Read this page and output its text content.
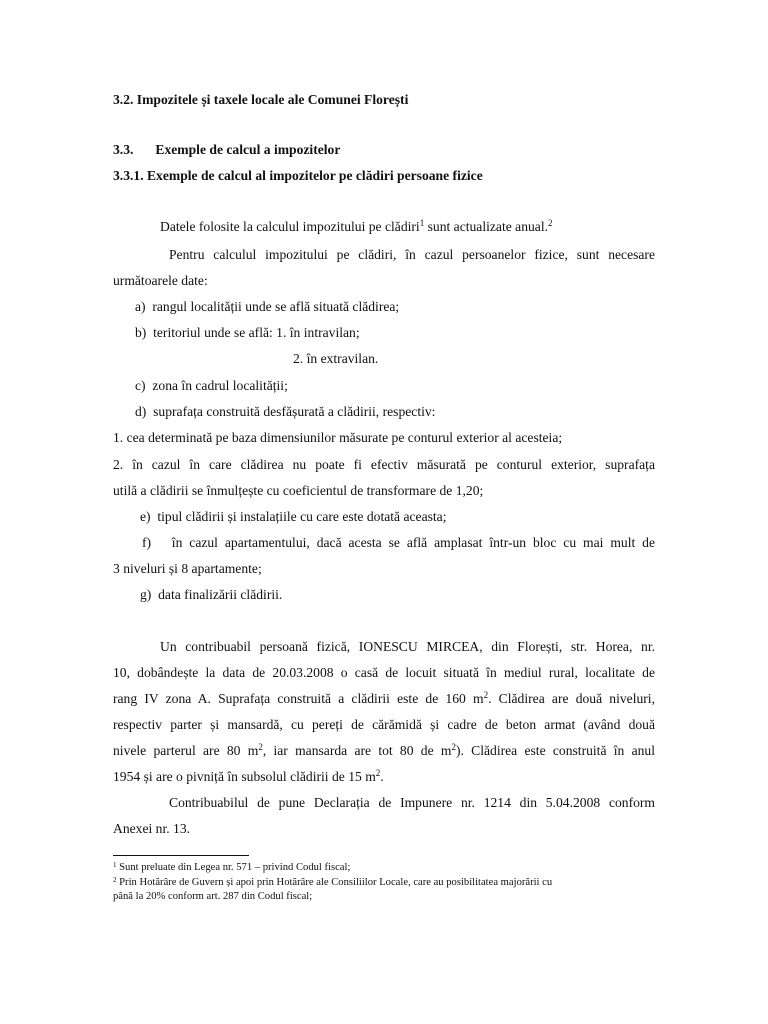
3.2. Impozitele și taxele locale ale Comunei Florești
3.3. Exemple de calcul a impozitelor
3.3.1. Exemple de calcul al impozitelor pe clădiri persoane fizice
Datele folosite la calculul impozitului pe clădiri$^1$ sunt actualizate anual.$^2$
Pentru calculul impozitului pe clădiri, în cazul persoanelor fizice, sunt necesare
următoarele date:
a) rangul localității unde se află situată clădirea;
b) teritoriul unde se află: 1. în intravilan;
2. în extravilan.
c) zona în cadrul localității;
d) suprafața construită desfășurată a clădirii, respectiv:
1. cea determinată pe baza dimensiunilor măsurate pe conturul exterior al acesteia;
2. în cazul în care clădirea nu poate fi efectiv măsurată pe conturul exterior, suprafața
utilă a clădirii se înmulțește cu coeficientul de transformare de 1,20;
e) tipul clădirii și instalațiile cu care este dotată aceasta;
f) în cazul apartamentului, dacă acesta se află amplasat într-un bloc cu mai mult de
3 niveluri și 8 apartamente;
g) data finalizării clădirii.
Un contribuabil persoană fizică, IONESCU MIRCEA, din Florești, str. Horea, nr.
10, dobândește la data de 20.03.2008 o casă de locuit situată în mediul rural, localitate de
rang IV zona A. Suprafața construită a clădirii este de 160 $m^2$. Clădirea are două niveluri,
respectiv parter și mansardă, cu pereți de cărămidă și cadre de beton armat (având două
nivele parterul are 80 $m^2$, iar mansarda are tot 80 de $m^2$). Clădirea este construită în anul
1954 și are o pivniță în subsolul clădirii de 15 $m^2$.
Contribuabilul de pune Declarația de Impunere nr. 1214 din 5.04.2008 conform
Anexei nr. 13.
$^1$ Sunt preluate din Legea nr. 571 – privind Codul fiscal;
$^2$ Prin Hotărâre de Guvern și apoi prin Hotărâre ale Consiliilor Locale, care au posibilitatea majorării cu
până la 20% conform art. 287 din Codul fiscal;
